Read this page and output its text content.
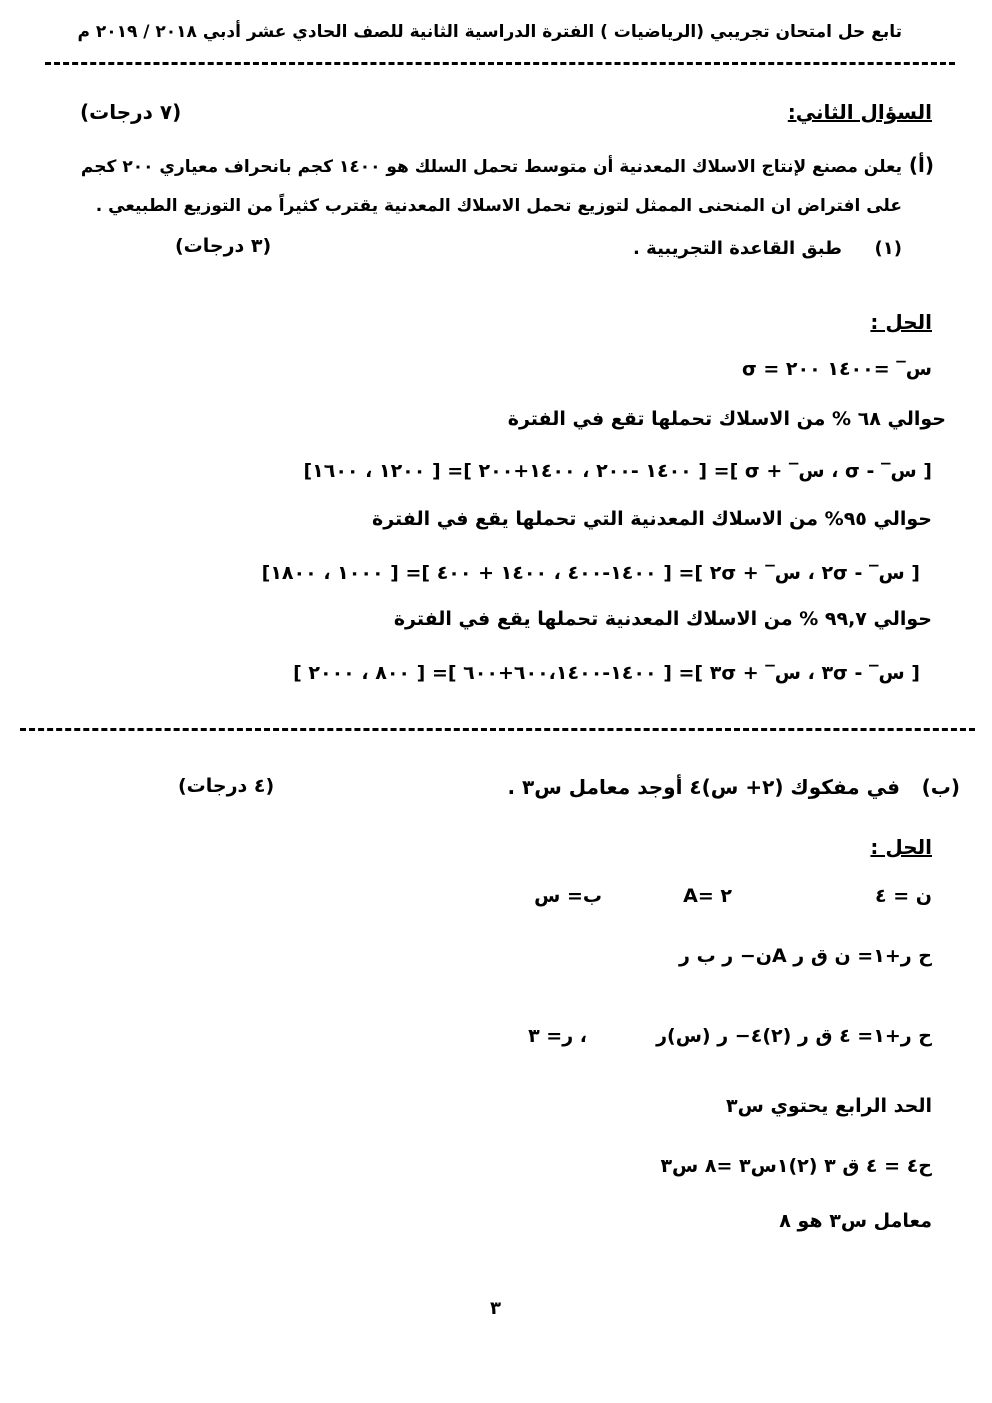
تابع حل امتحان تجريبي (الرياضيات ) الفترة الدراسية الثانية للصف الحادي عشر أدبي ٢٠١٨ / ٢٠١٩ م
السؤال الثاني:
(٧ درجات)
(أ)
يعلن مصنع لإنتاج الاسلاك المعدنية أن متوسط تحمل السلك هو ١٤٠٠ كجم بانحراف معياري ٢٠٠ كجم
على افتراض ان المنحنى الممثل لتوزيع تحمل الاسلاك المعدنية يقترب كثيراً من التوزيع الطبيعي .
(١)
طبق القاعدة التجريبية .
(٣ درجات)
الحل :
س‾ =١٤٠٠ ٢٠٠ = σ
حوالي ٦٨ % من الاسلاك تحملها تقع في الفترة
[ س‾ - σ ، س‾ + σ ]= [ ١٤٠٠ -٢٠٠ ، ١٤٠٠+٢٠٠ ]= [ ١٢٠٠ ، ١٦٠٠]
حوالي ٩٥% من الاسلاك المعدنية التي تحملها يقع في الفترة
[ س‾ - ٢σ ، س‾ + ٢σ ]= [ ١٤٠٠-٤٠٠ ، ١٤٠٠ + ٤٠٠ ]= [ ١٠٠٠ ، ١٨٠٠]
حوالي ٩٩,٧ % من الاسلاك المعدنية تحملها يقع في الفترة
[ س‾ - ٣σ ، س‾ + ٣σ ]= [ ١٤٠٠-٦٠٠،١٤٠٠+٦٠٠ ]= [ ٨٠٠ ، ٢٠٠٠ ]
(ب)
في مفكوك (٢+ س)٤ أوجد معامل س٣ .
(٤ درجات)
الحل :
ن = ٤
A= ٢
ب= س
ح ر+١= ن ق ر Aن− ر ب ر
ح ر+١= ٤ ق ر (٢)٤− ر (س)ر
، ر= ٣
الحد الرابع يحتوي س٣
ح٤ = ٤ ق ٣ (٢)١س٣ =٨ س٣
معامل س٣ هو ٨
٣
